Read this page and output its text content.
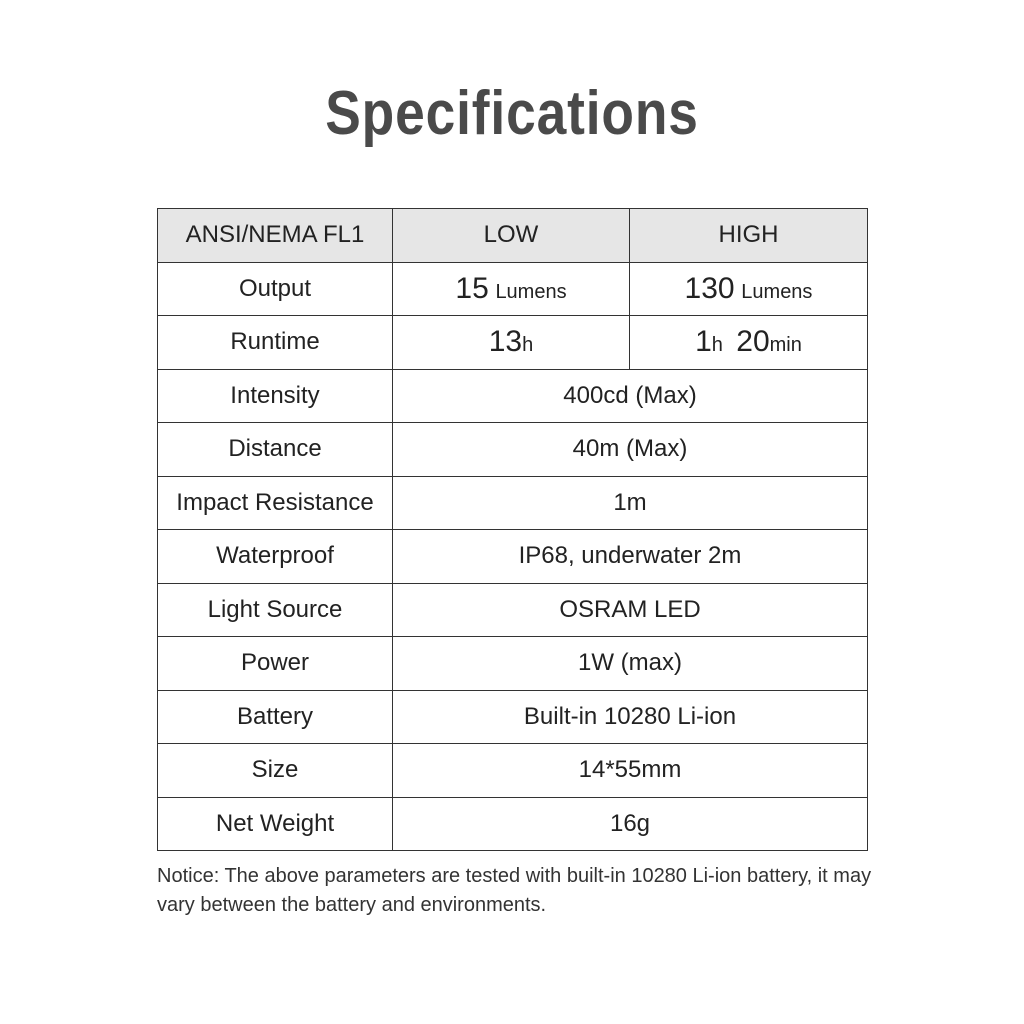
Specifications
ANSI/NEMA FL1	LOW	HIGH
Output	15 Lumens	130 Lumens
Runtime	13h	1h 20min
Intensity	400cd (Max)	
Distance	40m (Max)	
Impact Resistance	1m	
Waterproof	IP68, underwater 2m	
Light Source	OSRAM LED	
Power	1W (max)	
Battery	Built-in 10280 Li-ion	
Size	14*55mm	
Net Weight	16g	
Notice: The above parameters are tested with built-in 10280 Li-ion battery, it may vary between the battery and environments.
